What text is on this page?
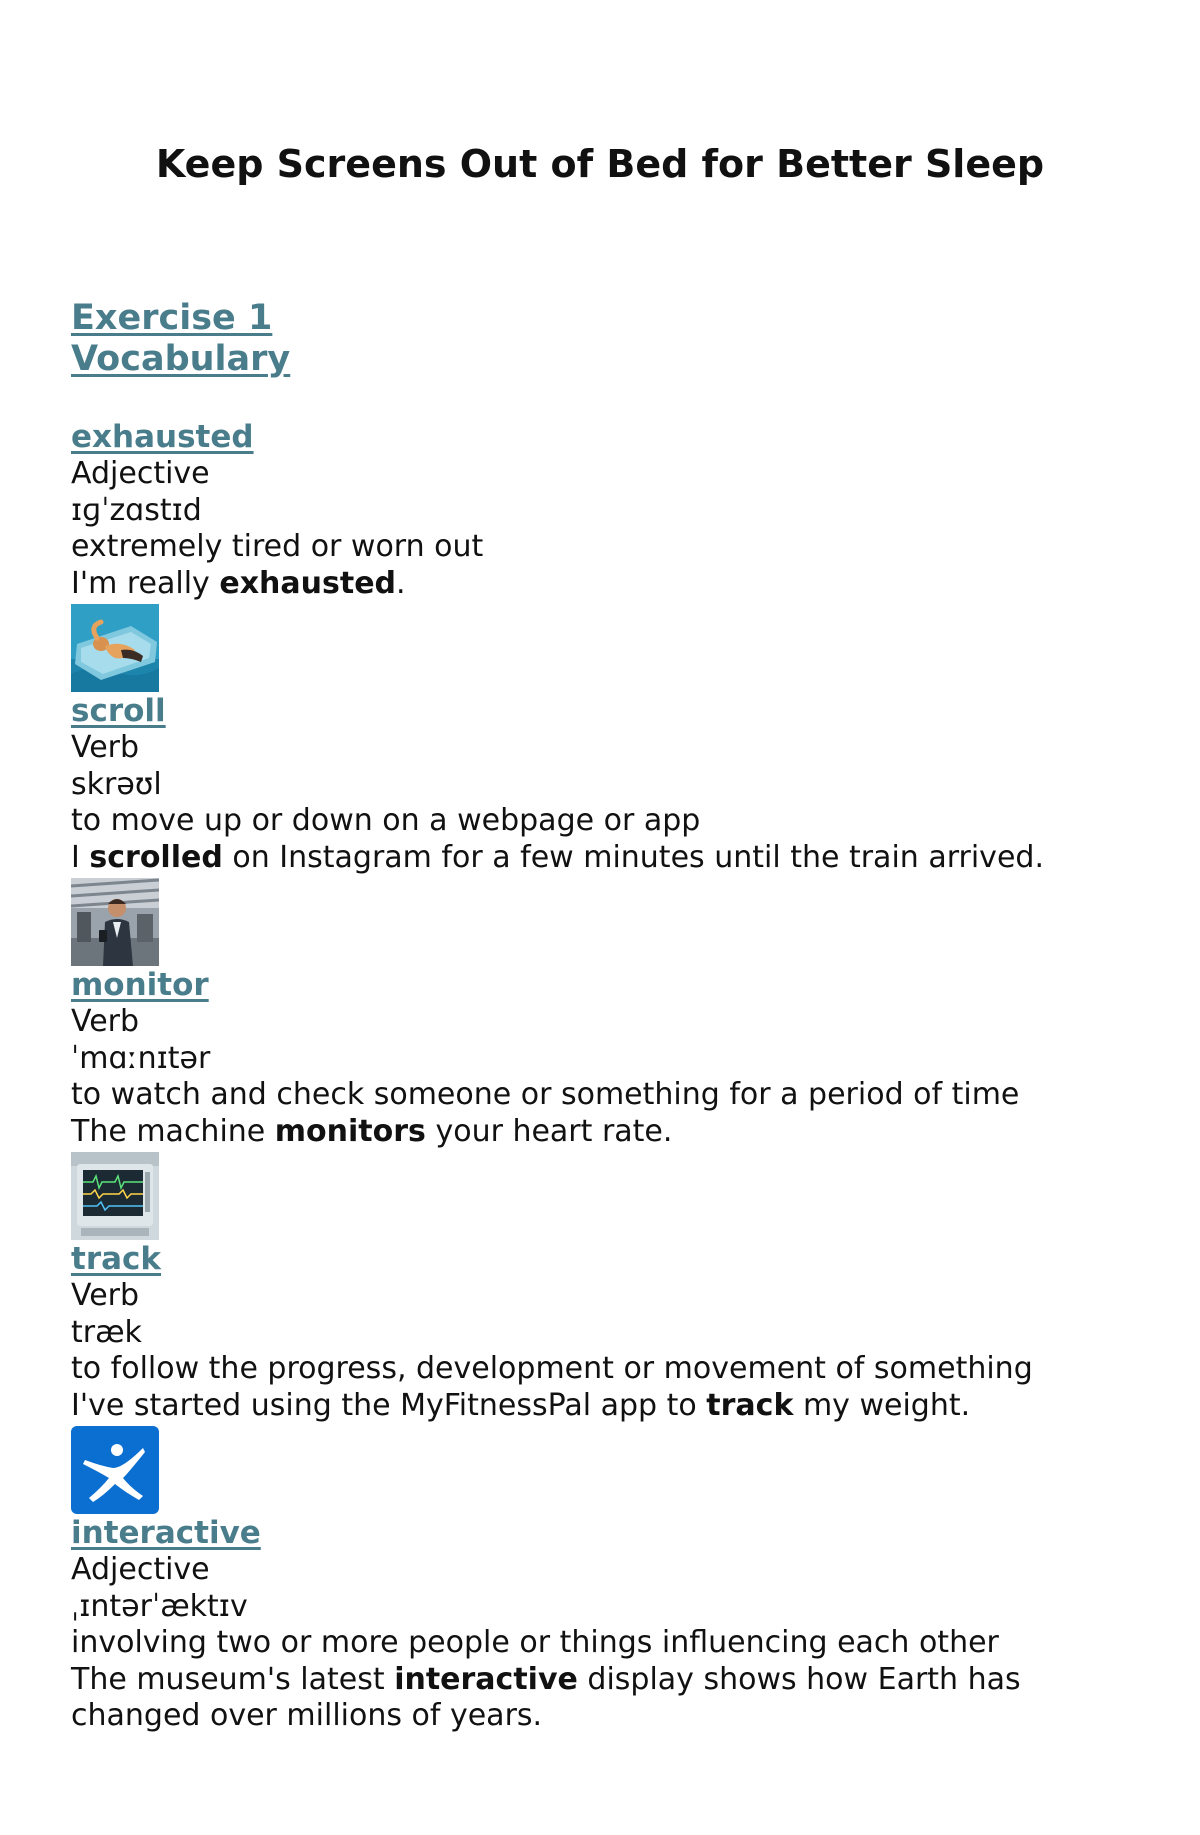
Keep Screens Out of Bed for Better Sleep
Exercise 1
Vocabulary
exhausted
Adjective
ɪɡˈzɑstɪd
extremely tired or worn out
I'm really exhausted.
scroll
Verb
skrəʊl
to move up or down on a webpage or app
I scrolled on Instagram for a few minutes until the train arrived.
monitor
Verb
ˈmɑːnɪtər
to watch and check someone or something for a period of time
The machine monitors your heart rate.
track
Verb
træk
to follow the progress, development or movement of something
I've started using the MyFitnessPal app to track my weight.
interactive
Adjective
ˌɪntərˈæktɪv
involving two or more people or things influencing each other
The museum's latest interactive display shows how Earth has changed over millions of years.
